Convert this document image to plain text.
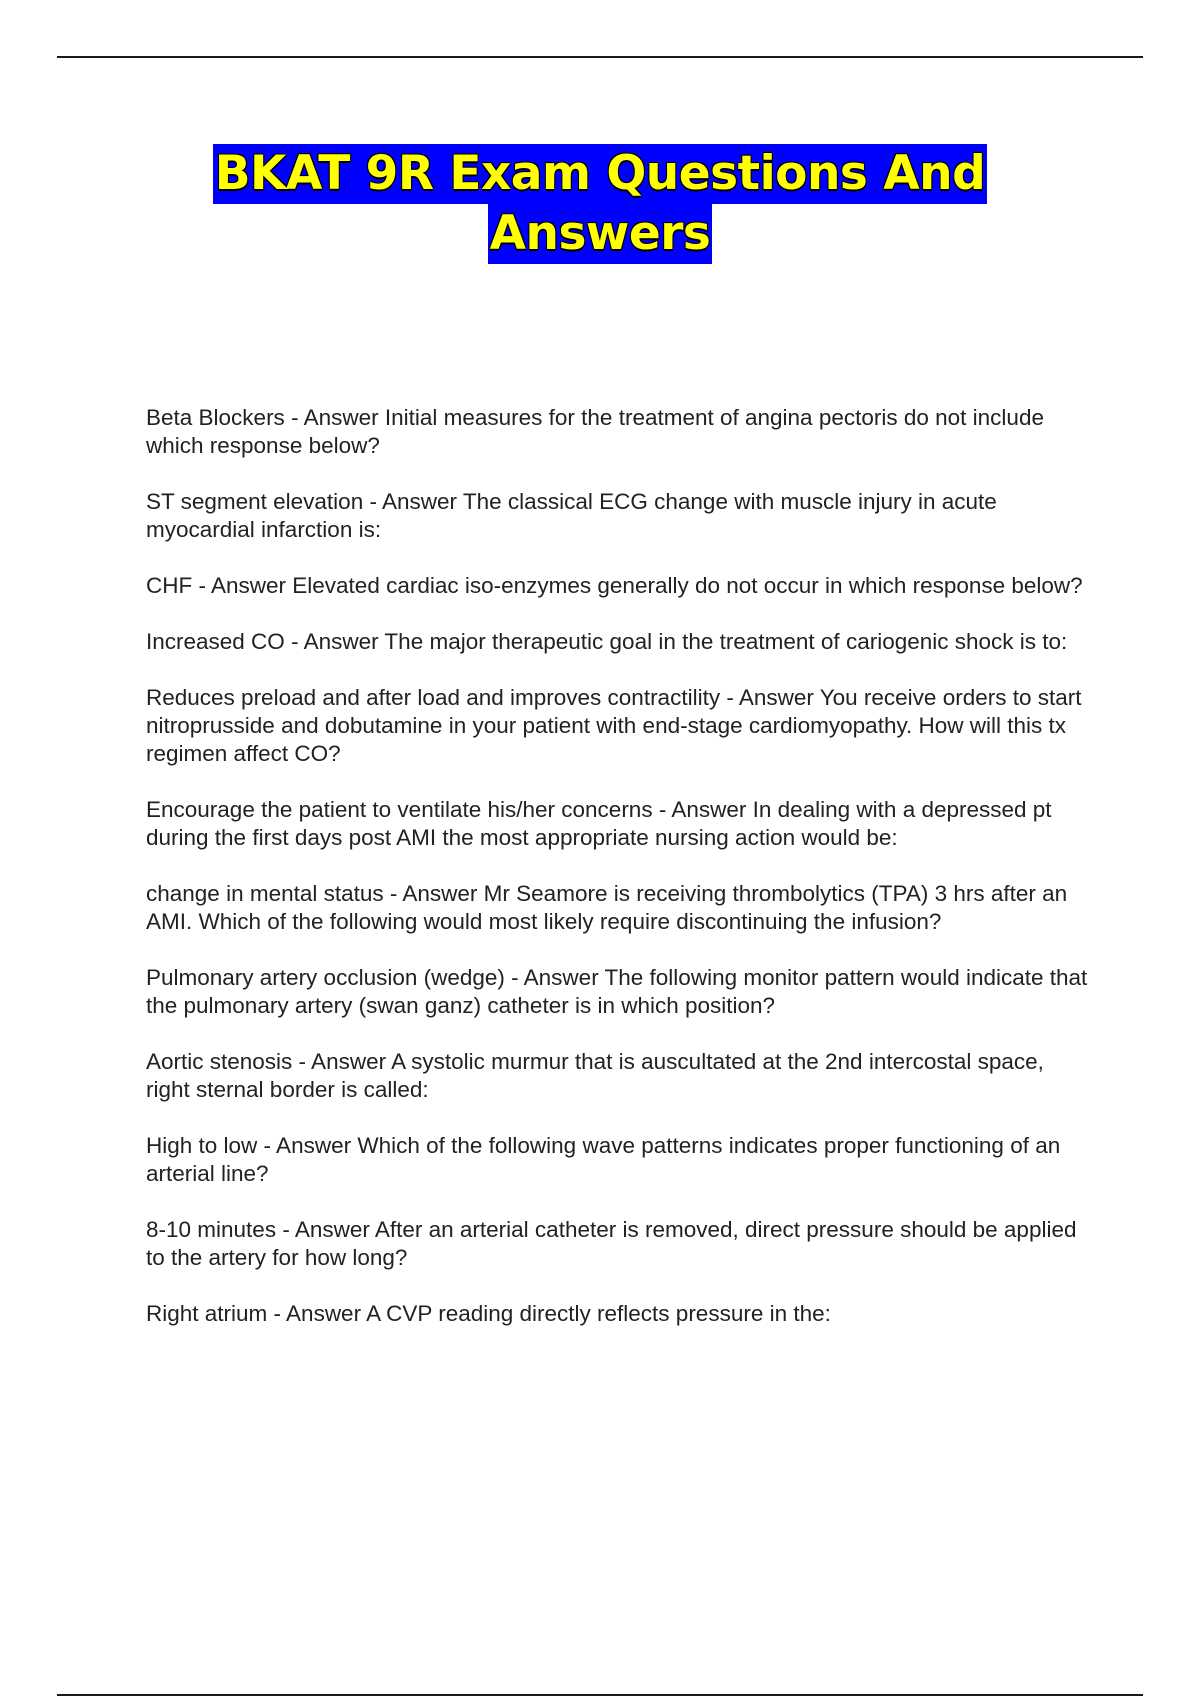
BKAT 9R Exam Questions And
Answers
Beta Blockers - Answer Initial measures for the treatment of angina pectoris do not include which response below?
ST segment elevation - Answer The classical ECG change with muscle injury in acute myocardial infarction is:
CHF - Answer Elevated cardiac iso-enzymes generally do not occur in which response below?
Increased CO - Answer The major therapeutic goal in the treatment of cariogenic shock is to:
Reduces preload and after load and improves contractility - Answer You receive orders to start nitroprusside and dobutamine in your patient with end-stage cardiomyopathy. How will this tx regimen affect CO?
Encourage the patient to ventilate his/her concerns - Answer In dealing with a depressed pt during the first days post AMI the most appropriate nursing action would be:
change in mental status - Answer Mr Seamore is receiving thrombolytics (TPA) 3 hrs after an AMI. Which of the following would most likely require discontinuing the infusion?
Pulmonary artery occlusion (wedge) - Answer The following monitor pattern would indicate that the pulmonary artery (swan ganz) catheter is in which position?
Aortic stenosis - Answer A systolic murmur that is auscultated at the 2nd intercostal space, right sternal border is called:
High to low - Answer Which of the following wave patterns indicates proper functioning of an arterial line?
8-10 minutes - Answer After an arterial catheter is removed, direct pressure should be applied to the artery for how long?
Right atrium - Answer A CVP reading directly reflects pressure in the:
